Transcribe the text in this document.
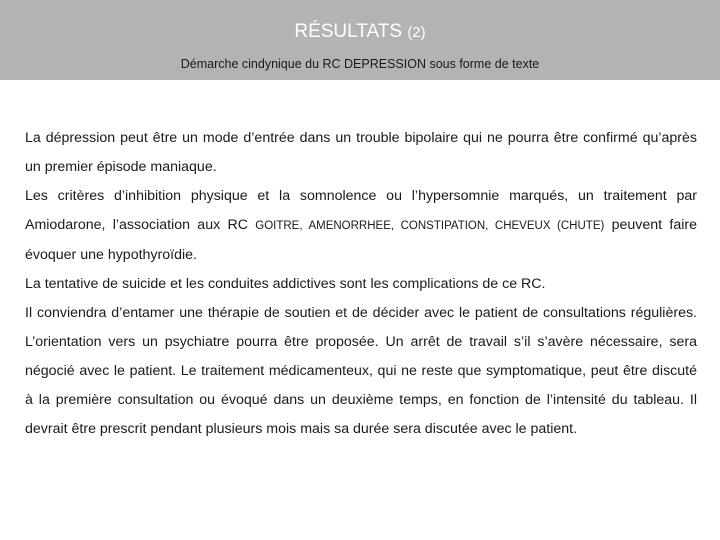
RÉSULTATS (2)
Démarche cindynique du RC DEPRESSION sous forme de texte

La dépression peut être un mode d’entrée dans un trouble bipolaire qui ne pourra être confirmé qu’après un premier épisode maniaque.

Les critères d’inhibition physique et la somnolence ou l’hypersomnie marqués, un traitement par Amiodarone, l’association aux RC GOITRE, AMENORRHEE, CONSTIPATION, CHEVEUX (CHUTE) peuvent faire évoquer une hypothyroïdie.

La tentative de suicide et les conduites addictives sont les complications de ce RC.

Il conviendra d’entamer une thérapie de soutien et de décider avec le patient de consultations régulières. L’orientation vers un psychiatre pourra être proposée. Un arrêt de travail s’il s’avère nécessaire, sera négocié avec le patient. Le traitement médicamenteux, qui ne reste que symptomatique, peut être discuté à la première consultation ou évoqué dans un deuxième temps, en fonction de l’intensité du tableau. Il devrait être prescrit pendant plusieurs mois mais sa durée sera discutée avec le patient.
